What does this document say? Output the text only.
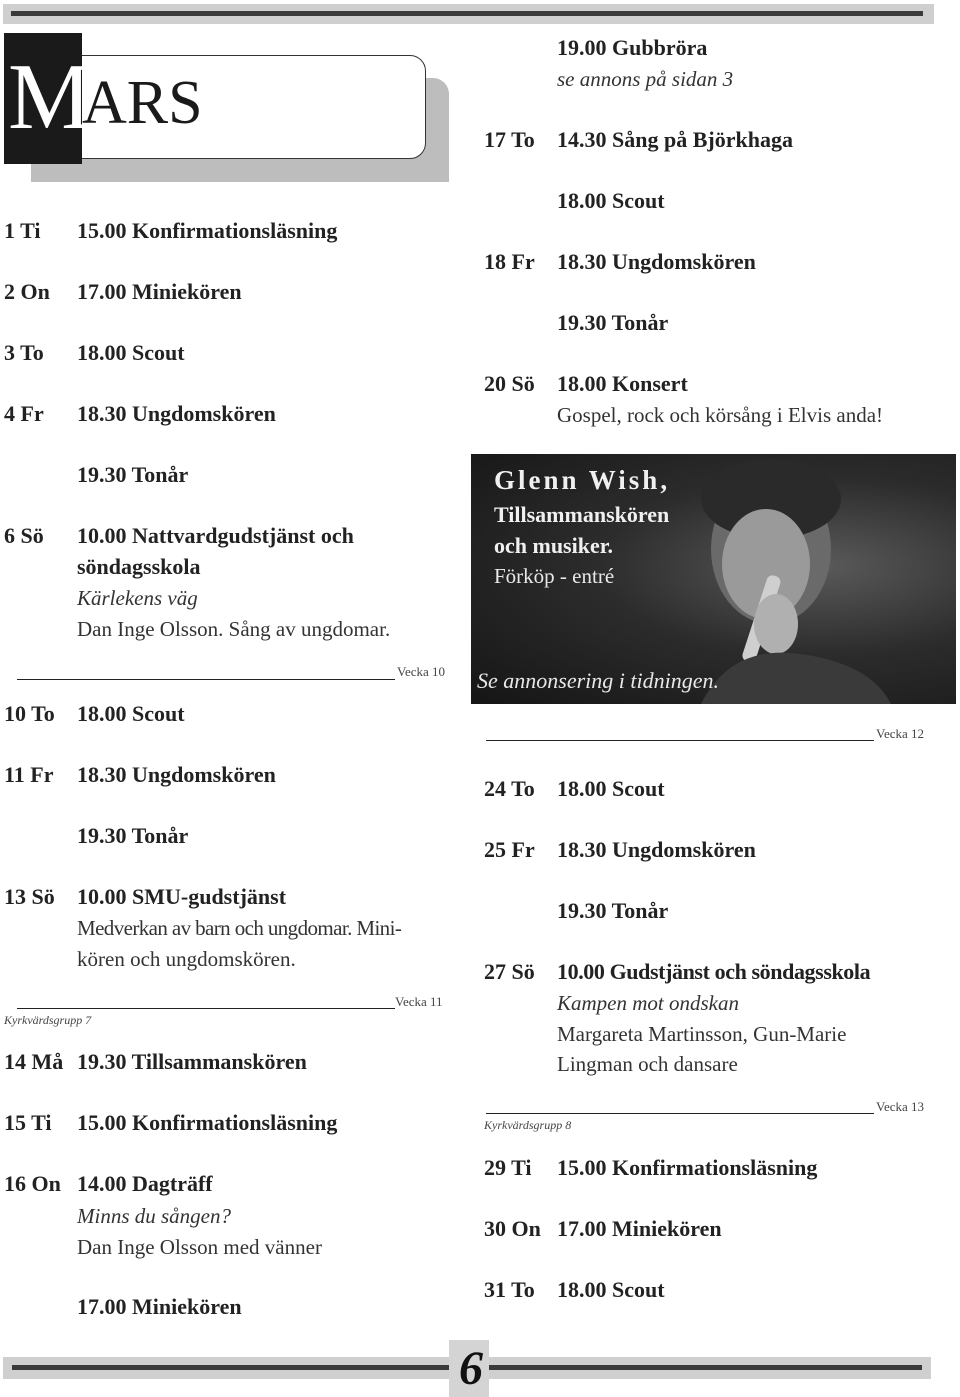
6
M
ARS
1 Ti 15.00 Konfirmationsläsning
2 On 17.00 Miniekören
3 To 18.00 Scout
4 Fr 18.30 Ungdomskören
19.30 Tonår
6 Sö 10.00 Nattvardgudstjänst och
söndagsskola
Kärlekens väg
Dan Inge Olsson. Sång av ungdomar.
Vecka 10
10 To 18.00 Scout
11 Fr 18.30 Ungdomskören
19.30 Tonår
13 Sö 10.00 SMU-gudstjänst
Medverkan av barn och ungdomar. Mini-
kören och ungdomskören.
Vecka 11
Kyrkvärdsgrupp 7
14 Må 19.30 Tillsammanskören
15 Ti 15.00 Konfirmationsläsning
16 On 14.00 Dagträff
Minns du sången?
Dan Inge Olsson med vänner
17.00 Miniekören
19.00 Gubbröra
se annons på sidan 3
17 To 14.30 Sång på Björkhaga
18.00 Scout
18 Fr 18.30 Ungdomskören
19.30 Tonår
20 Sö 18.00 Konsert
Gospel, rock och körsång i Elvis anda!
Glenn Wish,
Tillsammanskören
och musiker.
Förköp - entré
Se annonsering i tidningen.
Vecka 12
24 To 18.00 Scout
25 Fr 18.30 Ungdomskören
19.30 Tonår
27 Sö 10.00 Gudstjänst och söndagsskola
Kampen mot ondskan
Margareta Martinsson, Gun-Marie
Lingman och dansare
Vecka 13
Kyrkvärdsgrupp 8
29 Ti 15.00 Konfirmationsläsning
30 On 17.00 Miniekören
31 To 18.00 Scout
